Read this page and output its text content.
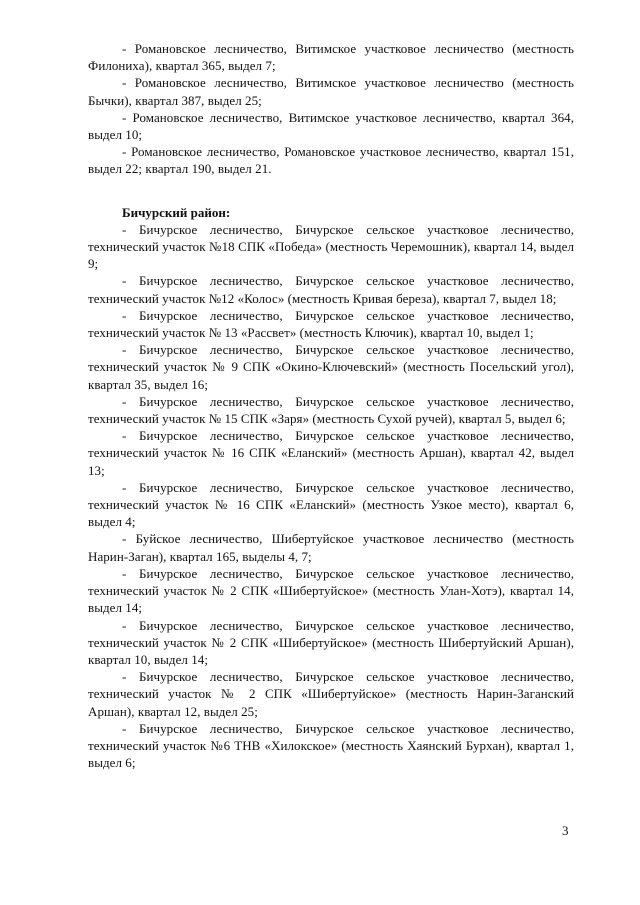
- Романовское лесничество, Витимское участковое лесничество (местность Филониха), квартал 365, выдел 7;

- Романовское лесничество, Витимское участковое лесничество (местность Бычки), квартал 387, выдел 25;

- Романовское лесничество, Витимское участковое лесничество, квартал 364, выдел 10;

- Романовское лесничество, Романовское участковое лесничество, квартал 151, выдел 22; квартал 190, выдел 21.

Бичурский район:

- Бичурское лесничество, Бичурское сельское участковое лесничество, технический участок №18 СПК «Победа» (местность Черемошник), квартал 14, выдел 9;

- Бичурское лесничество, Бичурское сельское участковое лесничество, технический участок №12 «Колос» (местность Кривая береза), квартал 7, выдел 18;

- Бичурское лесничество, Бичурское сельское участковое лесничество, технический участок № 13 «Рассвет» (местность Ключик), квартал 10, выдел 1;

- Бичурское лесничество, Бичурское сельское участковое лесничество, технический участок № 9 СПК «Окино-Ключевский» (местность Посельский угол), квартал 35, выдел 16;

- Бичурское лесничество, Бичурское сельское участковое лесничество, технический участок № 15 СПК «Заря» (местность Сухой ручей), квартал 5, выдел 6;

- Бичурское лесничество, Бичурское сельское участковое лесничество, технический участок № 16 СПК «Еланский» (местность Аршан), квартал 42, выдел 13;

- Бичурское лесничество, Бичурское сельское участковое лесничество, технический участок № 16 СПК «Еланский» (местность Узкое место), квартал 6, выдел 4;

- Буйское лесничество, Шибертуйское участковое лесничество (местность Нарин-Заган), квартал 165, выделы 4, 7;

- Бичурское лесничество, Бичурское сельское участковое лесничество, технический участок № 2 СПК «Шибертуйское» (местность Улан-Хотэ), квартал 14, выдел 14;

- Бичурское лесничество, Бичурское сельское участковое лесничество, технический участок № 2 СПК «Шибертуйское» (местность Шибертуйский Аршан), квартал 10, выдел 14;

- Бичурское лесничество, Бичурское сельское участковое лесничество, технический участок № 2 СПК «Шибертуйское» (местность Нарин-Заганский Аршан), квартал 12, выдел 25;

- Бичурское лесничество, Бичурское сельское участковое лесничество, технический участок №6 ТНВ «Хилокское» (местность Хаянский Бурхан), квартал 1, выдел 6;

3
